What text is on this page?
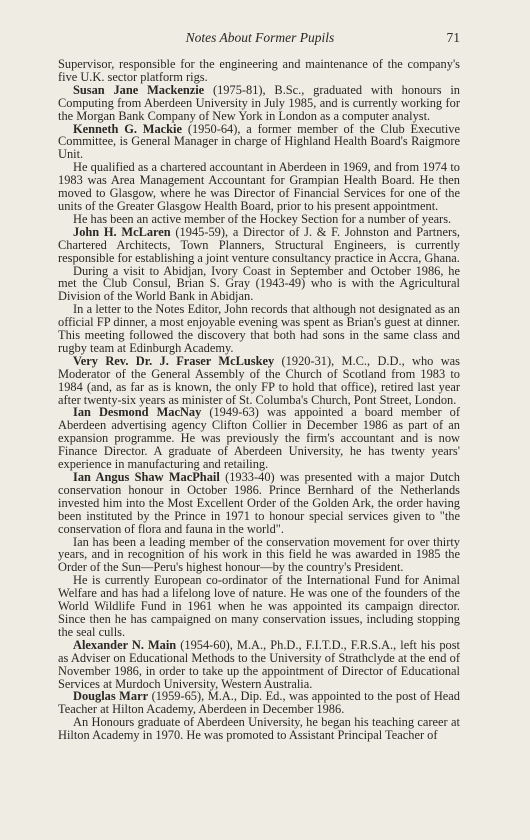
Notes About Former Pupils	71

Supervisor, responsible for the engineering and maintenance of the company's five U.K. sector platform rigs.

Susan Jane Mackenzie (1975-81), B.Sc., graduated with honours in Computing from Aberdeen University in July 1985, and is currently working for the Morgan Bank Company of New York in London as a computer analyst.

Kenneth G. Mackie (1950-64), a former member of the Club Executive Committee, is General Manager in charge of Highland Health Board's Raigmore Unit.

He qualified as a chartered accountant in Aberdeen in 1969, and from 1974 to 1983 was Area Management Accountant for Grampian Health Board. He then moved to Glasgow, where he was Director of Financial Services for one of the units of the Greater Glasgow Health Board, prior to his present appointment.

He has been an active member of the Hockey Section for a number of years.

John H. McLaren (1945-59), a Director of J. & F. Johnston and Partners, Chartered Architects, Town Planners, Structural Engineers, is currently responsible for establishing a joint venture consultancy practice in Accra, Ghana.

During a visit to Abidjan, Ivory Coast in September and October 1986, he met the Club Consul, Brian S. Gray (1943-49) who is with the Agricultural Division of the World Bank in Abidjan.

In a letter to the Notes Editor, John records that although not designated as an official FP dinner, a most enjoyable evening was spent as Brian's guest at dinner. This meeting followed the discovery that both had sons in the same class and rugby team at Edinburgh Academy.

Very Rev. Dr. J. Fraser McLuskey (1920-31), M.C., D.D., who was Moderator of the General Assembly of the Church of Scotland from 1983 to 1984 (and, as far as is known, the only FP to hold that office), retired last year after twenty-six years as minister of St. Columba's Church, Pont Street, London.

Ian Desmond MacNay (1949-63) was appointed a board member of Aberdeen advertising agency Clifton Collier in December 1986 as part of an expansion programme. He was previously the firm's accountant and is now Finance Director. A graduate of Aberdeen University, he has twenty years' experience in manufacturing and retailing.

Ian Angus Shaw MacPhail (1933-40) was presented with a major Dutch conservation honour in October 1986. Prince Bernhard of the Netherlands invested him into the Most Excellent Order of the Golden Ark, the order having been instituted by the Prince in 1971 to honour special services given to "the conservation of flora and fauna in the world".

Ian has been a leading member of the conservation movement for over thirty years, and in recognition of his work in this field he was awarded in 1985 the Order of the Sun—Peru's highest honour—by the country's President.

He is currently European co-ordinator of the International Fund for Animal Welfare and has had a lifelong love of nature. He was one of the founders of the World Wildlife Fund in 1961 when he was appointed its campaign director. Since then he has campaigned on many conservation issues, including stopping the seal culls.

Alexander N. Main (1954-60), M.A., Ph.D., F.I.T.D., F.R.S.A., left his post as Adviser on Educational Methods to the University of Strathclyde at the end of November 1986, in order to take up the appointment of Director of Educational Services at Murdoch University, Western Australia.

Douglas Marr (1959-65), M.A., Dip. Ed., was appointed to the post of Head Teacher at Hilton Academy, Aberdeen in December 1986.

An Honours graduate of Aberdeen University, he began his teaching career at Hilton Academy in 1970. He was promoted to Assistant Principal Teacher of
